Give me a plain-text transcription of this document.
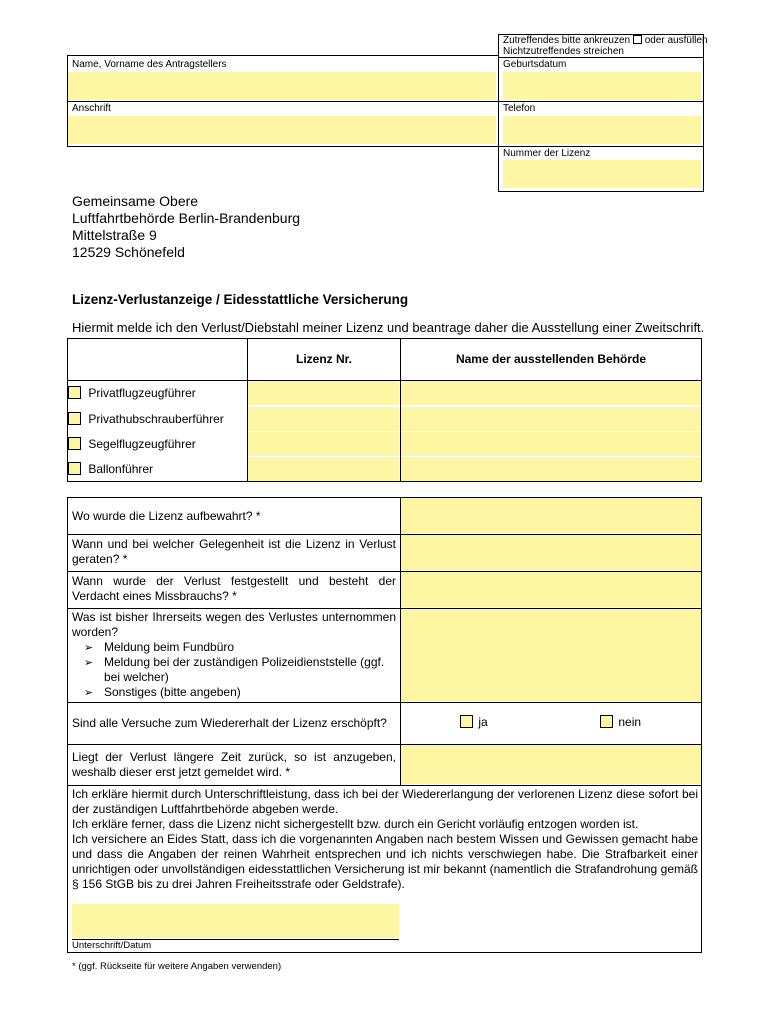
Name, Vorname des Antragstellers
Anschrift
Zutreffendes bitte ankreuzen oder ausfüllen
Nichtzutreffendes streichen
Geburtsdatum
Telefon
Nummer der Lizenz
Gemeinsame Obere
Luftfahrtbehörde Berlin-Brandenburg
Mittelstraße 9
12529 Schönefeld
Lizenz-Verlustanzeige / Eidesstattliche Versicherung
Hiermit melde ich den Verlust/Diebstahl meiner Lizenz und beantrage daher die Ausstellung einer Zweitschrift.
Lizenz Nr.	Name der ausstellenden Behörde
Privatflugzeugführer
Privathubschrauberführer
Segelflugzeugführer
Ballonführer
Wo wurde die Lizenz aufbewahrt? *
Wann und bei welcher Gelegenheit ist die Lizenz in Verlust geraten? *
Wann wurde der Verlust festgestellt und besteht der Verdacht eines Missbrauchs? *
Was ist bisher Ihrerseits wegen des Verlustes unternommen worden?
➢ Meldung beim Fundbüro
➢ Meldung bei der zuständigen Polizeidienststelle (ggf. bei welcher)
➢ Sonstiges (bitte angeben)
Sind alle Versuche zum Wiedererhalt der Lizenz erschöpft?	ja	nein
Liegt der Verlust längere Zeit zurück, so ist anzugeben, weshalb dieser erst jetzt gemeldet wird. *
Ich erkläre hiermit durch Unterschriftleistung, dass ich bei der Wiedererlangung der verlorenen Lizenz diese sofort bei der zuständigen Luftfahrtbehörde abgeben werde.
Ich erkläre ferner, dass die Lizenz nicht sichergestellt bzw. durch ein Gericht vorläufig entzogen worden ist.
Ich versichere an Eides Statt, dass ich die vorgenannten Angaben nach bestem Wissen und Gewissen gemacht habe und dass die Angaben der reinen Wahrheit entsprechen und ich nichts verschwiegen habe. Die Strafbarkeit einer unrichtigen oder unvollständigen eidesstattlichen Versicherung ist mir bekannt (namentlich die Strafandrohung gemäß § 156 StGB bis zu drei Jahren Freiheitsstrafe oder Geldstrafe).
Unterschrift/Datum
* (ggf. Rückseite für weitere Angaben verwenden)
